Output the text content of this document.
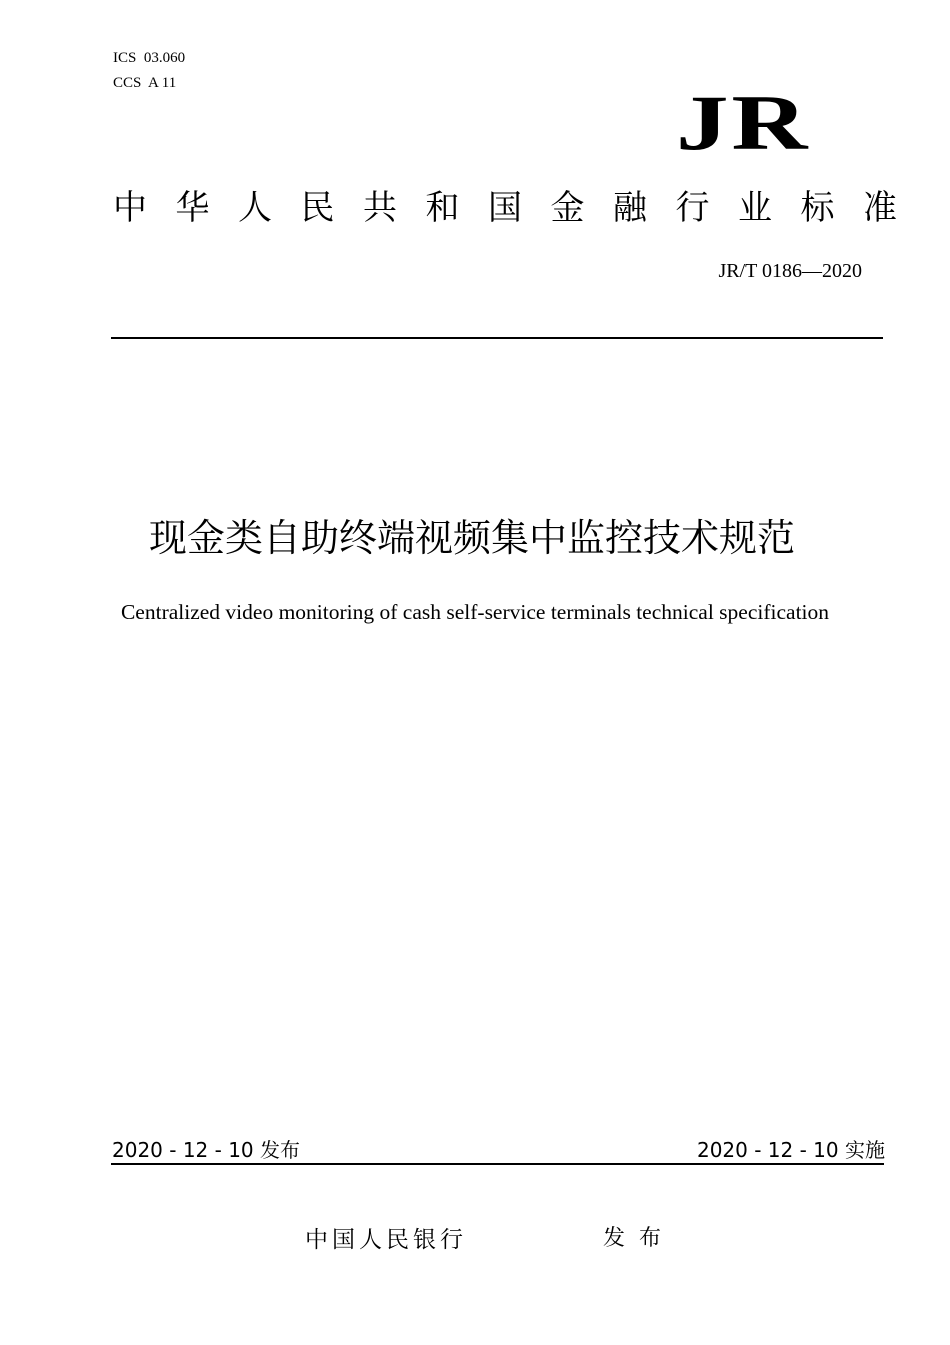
ICS  03.060
CCS  A 11	JR
中华人民共和国金融行业标准
JR/T 0186—2020
现金类自助终端视频集中监控技术规范
Centralized video monitoring of cash self-service terminals technical specification
2020 - 12 - 10 发布	2020 - 12 - 10 实施
中国人民银行	发布
